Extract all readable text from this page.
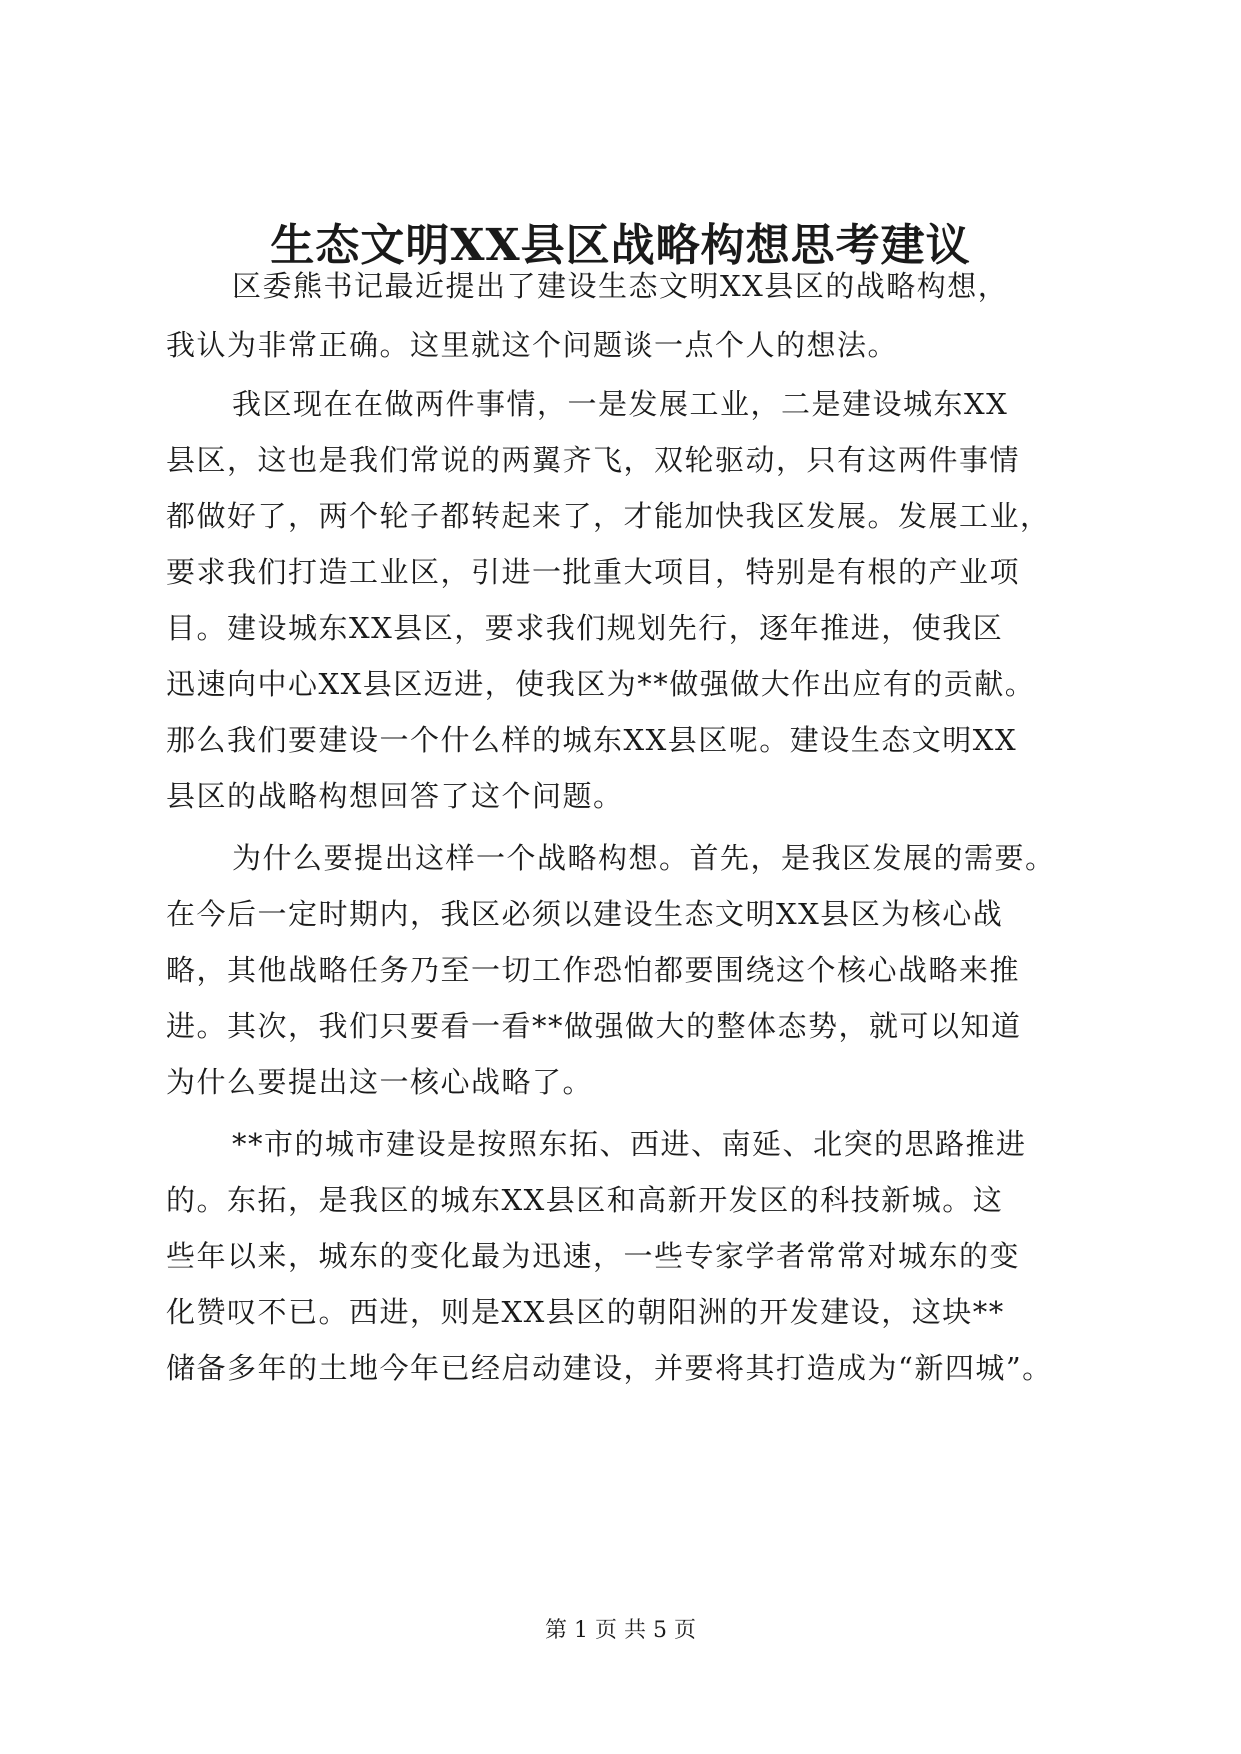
生态文明XX县区战略构想思考建议
区委熊书记最近提出了建设生态文明XX县区的战略构想，
我认为非常正确。这里就这个问题谈一点个人的想法。
我区现在在做两件事情，一是发展工业，二是建设城东XX
县区，这也是我们常说的两翼齐飞，双轮驱动，只有这两件事情
都做好了，两个轮子都转起来了，才能加快我区发展。发展工业，
要求我们打造工业区，引进一批重大项目，特别是有根的产业项
目。建设城东XX县区，要求我们规划先行，逐年推进，使我区
迅速向中心XX县区迈进，使我区为**做强做大作出应有的贡献。
那么我们要建设一个什么样的城东XX县区呢。建设生态文明XX
县区的战略构想回答了这个问题。
为什么要提出这样一个战略构想。首先，是我区发展的需要。
在今后一定时期内，我区必须以建设生态文明XX县区为核心战
略，其他战略任务乃至一切工作恐怕都要围绕这个核心战略来推
进。其次，我们只要看一看**做强做大的整体态势，就可以知道
为什么要提出这一核心战略了。
**市的城市建设是按照东拓、西进、南延、北突的思路推进
的。东拓，是我区的城东XX县区和高新开发区的科技新城。这
些年以来，城东的变化最为迅速，一些专家学者常常对城东的变
化赞叹不已。西进，则是XX县区的朝阳洲的开发建设，这块**
储备多年的土地今年已经启动建设，并要将其打造成为“新四城”。
第 1 页 共 5 页
